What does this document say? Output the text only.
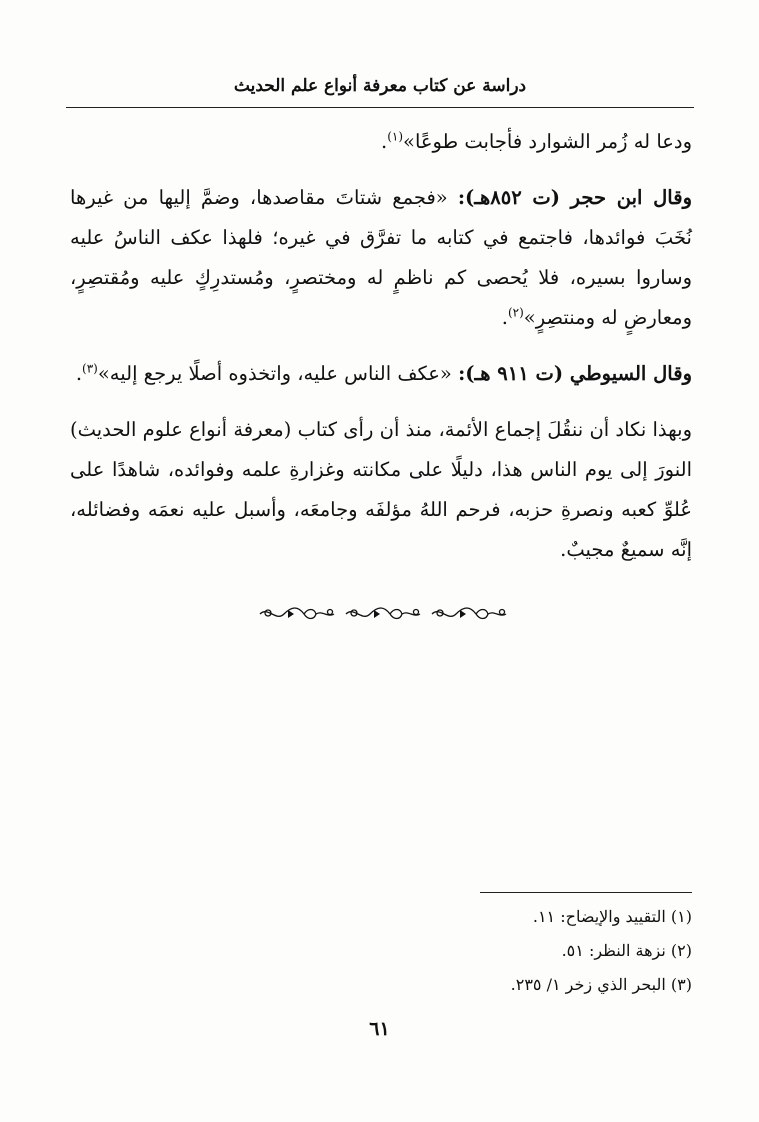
دراسة عن كتاب معرفة أنواع علم الحديث

ودعا له زُمر الشوارد فأجابت طوعًا»$^{(١)}$.

وقال ابن حجر (ت ٨٥٢هـ): «فجمع شتاتَ مقاصدها، وضمَّ إليها من غيرها نُخَبَ فوائدها، فاجتمع في كتابه ما تفرَّق في غيره؛ فلهذا عكف الناسُ عليه وساروا بسيره، فلا يُحصى كم ناظمٍ له ومختصرٍ، ومُستدرِكٍ عليه ومُقتصِرٍ، ومعارضٍ له ومنتصِرٍ»$^{(٢)}$.

وقال السيوطي (ت ٩١١ هـ): «عكف الناس عليه، واتخذوه أصلًا يرجع إليه»$^{(٣)}$.

وبهذا نكاد أن ننقُلَ إجماع الأئمة، منذ أن رأى كتاب (معرفة أنواع علوم الحديث) النورَ إلى يوم الناس هذا، دليلًا على مكانته وغزارةِ علمه وفوائده، شاهدًا على عُلوِّ كعبه ونصرةِ حزبه، فرحم اللهُ مؤلفَه وجامعَه، وأسبل عليه نعمَه وفضائله، إنَّه سميعٌ مجيبٌ.

(١) التقييد والإيضاح: ١١.
(٢) نزهة النظر: ٥١.
(٣) البحر الذي زخر ١/ ٢٣٥.
٦١
